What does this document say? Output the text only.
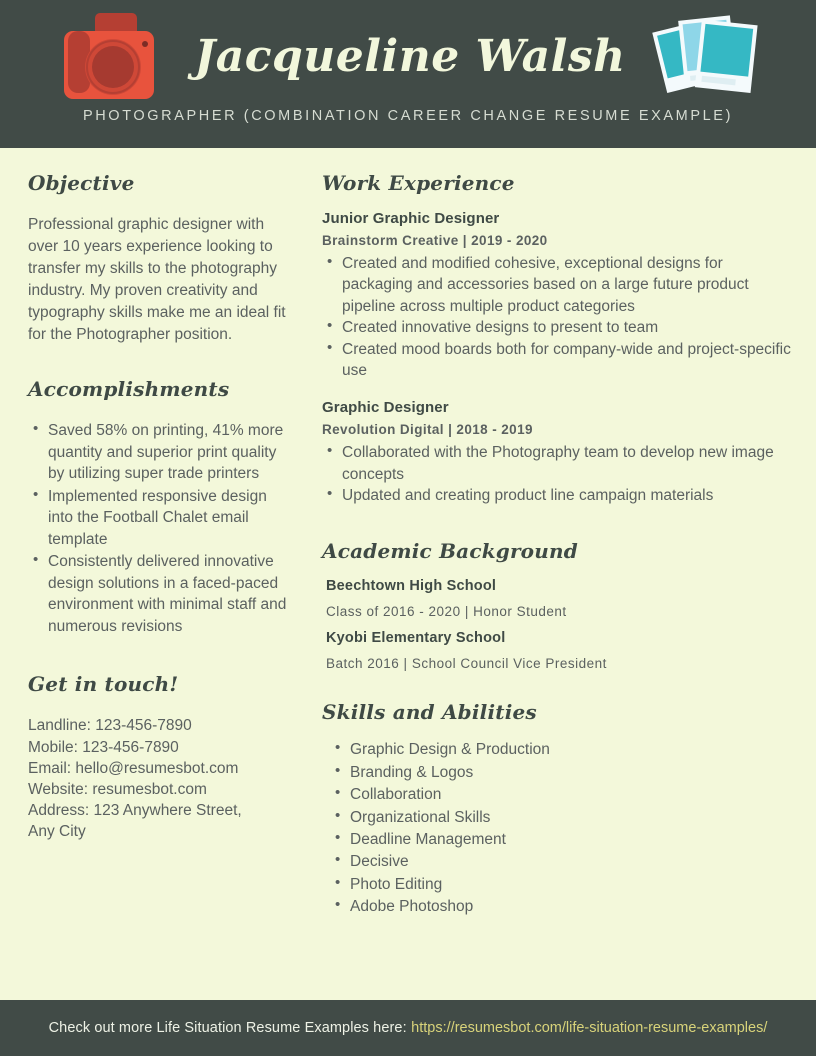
Jacqueline Walsh
PHOTOGRAPHER (COMBINATION CAREER CHANGE RESUME EXAMPLE)
Objective

Professional graphic designer with over 10 years experience looking to transfer my skills to the photography industry. My proven creativity and typography skills make me an ideal fit for the Photographer position.

Accomplishments
• Saved 58% on printing, 41% more quantity and superior print quality by utilizing super trade printers
• Implemented responsive design into the Football Chalet email template
• Consistently delivered innovative design solutions in a faced-paced environment with minimal staff and numerous revisions
Get in touch!
Landline: 123-456-7890
Mobile: 123-456-7890
Email: hello@resumesbot.com
Website: resumesbot.com
Address: 123 Anywhere Street,
Any City
Work Experience

Junior Graphic Designer

Brainstorm Creative | 2019 - 2020

• Created and modified cohesive, exceptional designs for packaging and accessories based on a large future product pipeline across multiple product categories
• Created innovative designs to present to team
• Created mood boards both for company-wide and project-specific use

Graphic Designer

Revolution Digital | 2018 - 2019

• Collaborated with the Photography team to develop new image concepts
• Updated and creating product line campaign materials
Academic Background

Beechtown High School

Class of 2016 - 2020 | Honor Student

Kyobi Elementary School

Batch 2016 | School Council Vice President

Skills and Abilities
• Graphic Design & Production
• Branding & Logos
• Collaboration
• Organizational Skills
• Deadline Management
• Decisive
• Photo Editing
• Adobe Photoshop
Check out more Life Situation Resume Examples here:
https://resumesbot.com/life-situation-resume-examples/
